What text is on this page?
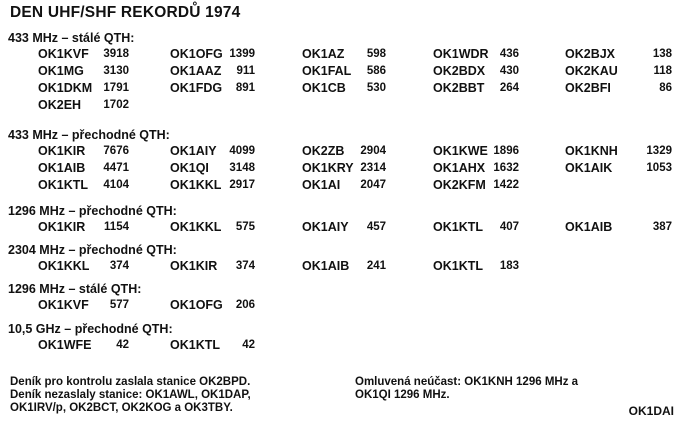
DEN UHF/SHF REKORDŮ 1974
433 MHz – stálé QTH:
OK1KVF	3918	OK1OFG 1399	OK1AZ	598	OK1WDR 436	OK2BJX	138
OK1MG	3130	OK1AAZ	911	OK1FAL	586	OK2BDX	430	OK2KAU	118
OK1DKM 1791	OK1FDG	891	OK1CB	530	OK2BBT	264	OK2BFI	86
OK2EH	1702
433 MHz – přechodné QTH:
OK1KIR	7676	OK1AIY	4099	OK2ZB	2904	OK1KWE 1896	OK1KNH	1329
OK1AIB	4471	OK1QI	3148	OK1KRY 2314	OK1AHX 1632	OK1AIK	1053
OK1KTL	4104	OK1KKL 2917	OK1AI	2047	OK2KFM 1422
1296 MHz – přechodné QTH:
OK1KIR	1154	OK1KKL	575	OK1AIY	457	OK1KTL	407	OK1AIB	387
2304 MHz – přechodné QTH:
OK1KKL	374	OK1KIR	374	OK1AIB	241	OK1KTL	183
1296 MHz – stálé QTH:
OK1KVF	577	OK1OFG	206
10,5 GHz – přechodné QTH:
OK1WFE	42	OK1KTL	42
Deník pro kontrolu zaslala stanice OK2BPD.
Deník nezaslaly stanice: OK1AWL, OK1DAP,
OK1IRV/p, OK2BCT, OK2KOG a OK3TBY.
Omluvená neúčast: OK1KNH 1296 MHz a
OK1QI 1296 MHz.
OK1DAI
